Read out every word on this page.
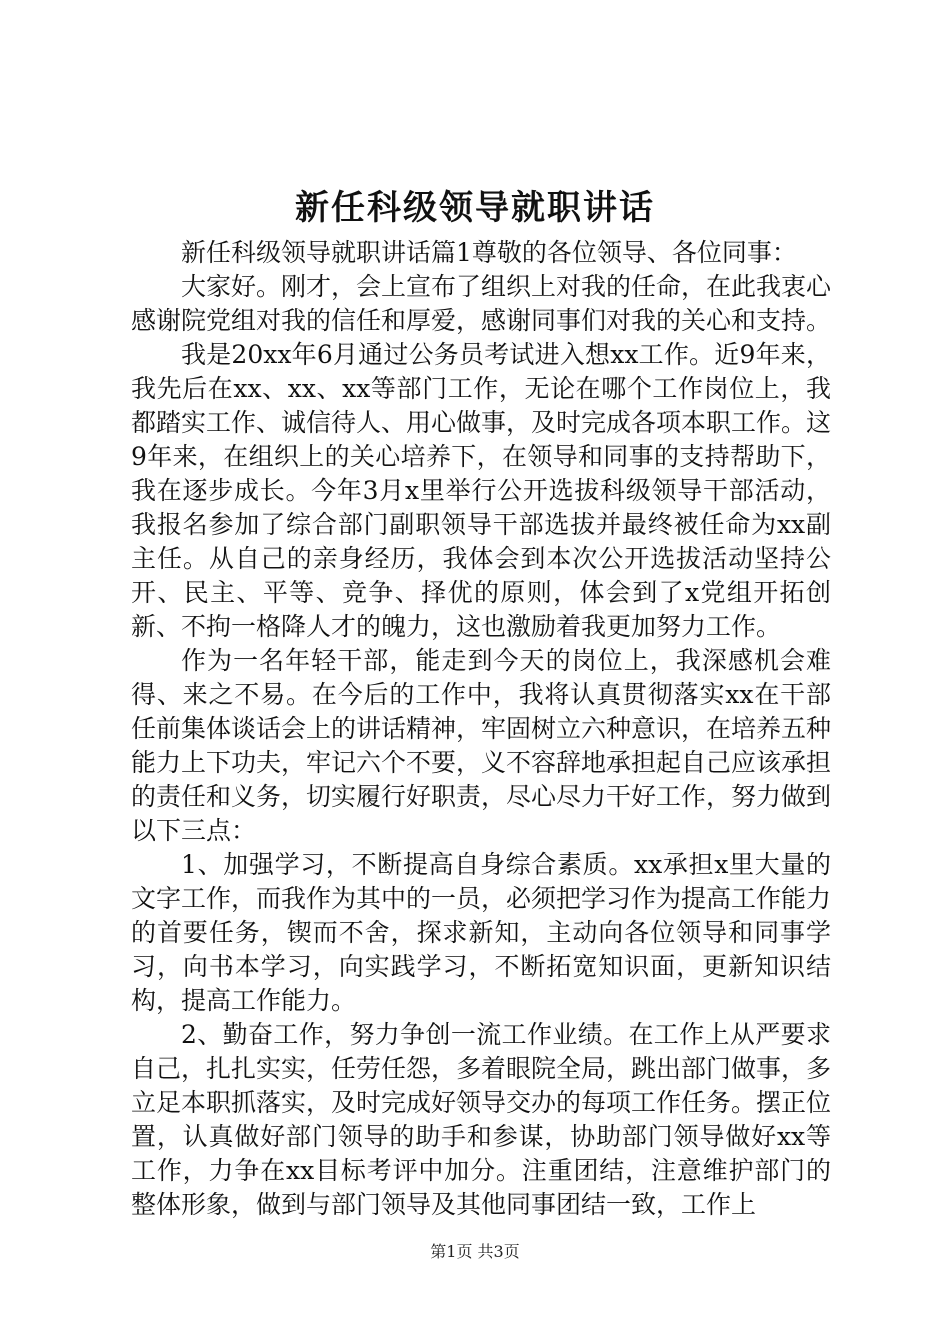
新任科级领导就职讲话

新任科级领导就职讲话篇1尊敬的各位领导、各位同事：

大家好。刚才，会上宣布了组织上对我的任命，在此我衷心感谢院党组对我的信任和厚爱，感谢同事们对我的关心和支持。

我是20xx年6月通过公务员考试进入想xx工作。近9年来，我先后在xx、xx、xx等部门工作，无论在哪个工作岗位上，我都踏实工作、诚信待人、用心做事，及时完成各项本职工作。这9年来，在组织上的关心培养下，在领导和同事的支持帮助下，我在逐步成长。今年3月x里举行公开选拔科级领导干部活动，我报名参加了综合部门副职领导干部选拔并最终被任命为xx副主任。从自己的亲身经历，我体会到本次公开选拔活动坚持公开、民主、平等、竞争、择优的原则，体会到了x党组开拓创新、不拘一格降人才的魄力，这也激励着我更加努力工作。

作为一名年轻干部，能走到今天的岗位上，我深感机会难得、来之不易。在今后的工作中，我将认真贯彻落实xx在干部任前集体谈话会上的讲话精神，牢固树立六种意识，在培养五种能力上下功夫，牢记六个不要，义不容辞地承担起自己应该承担的责任和义务，切实履行好职责，尽心尽力干好工作，努力做到以下三点：

1、加强学习，不断提高自身综合素质。xx承担x里大量的文字工作，而我作为其中的一员，必须把学习作为提高工作能力的首要任务，锲而不舍，探求新知，主动向各位领导和同事学习，向书本学习，向实践学习，不断拓宽知识面，更新知识结构，提高工作能力。

2、勤奋工作，努力争创一流工作业绩。在工作上从严要求自己，扎扎实实，任劳任怨，多着眼院全局，跳出部门做事，多立足本职抓落实，及时完成好领导交办的每项工作任务。摆正位置，认真做好部门领导的助手和参谋，协助部门领导做好xx等工作，力争在xx目标考评中加分。注重团结，注意维护部门的整体形象，做到与部门领导及其他同事团结一致，工作上

第1页 共3页
